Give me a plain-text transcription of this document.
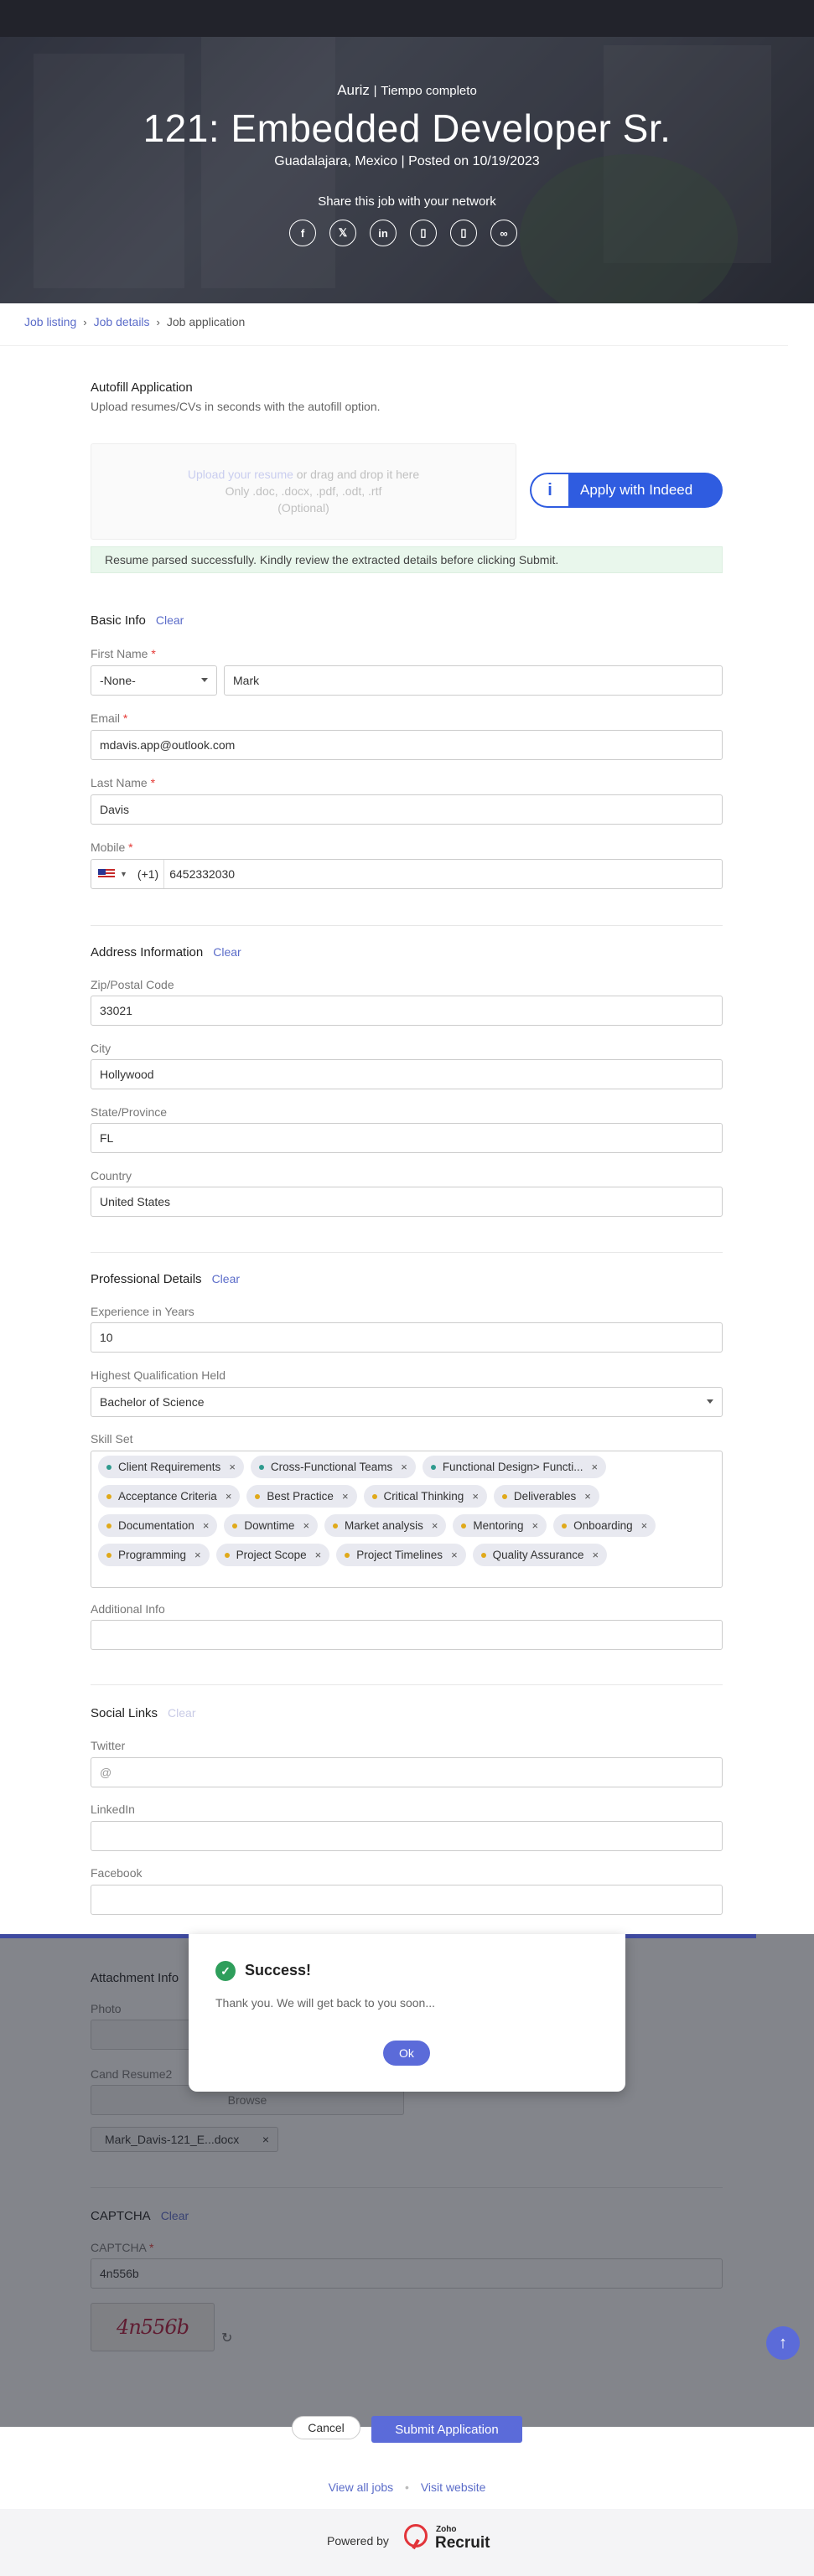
Auriz | Tiempo completo
121: Embedded Developer Sr.
Guadalajara, Mexico | Posted on 10/19/2023
Share this job with your network
f	𝕏	in	▯	▯	∞
Job listing › Job details › Job application
Autofill Application
Upload resumes/CVs in seconds with the autofill option.
Upload your resume or drag and drop it here
Only .doc, .docx, .pdf, .odt, .rtf
(Optional)
i	Apply with Indeed
Resume parsed successfully. Kindly review the extracted details before clicking Submit.
Basic Info Clear
First Name *
-None-	Mark
Email *
mdavis.app@outlook.com
Last Name *
Davis
Mobile *
▼ (+1) 6452332030
Address Information Clear
Zip/Postal Code
33021
City
Hollywood
State/Province
FL
Country
United States
Professional Details Clear
Experience in Years
10
Highest Qualification Held
Bachelor of Science
Skill Set
Client Requirements ×	Cross-Functional Teams ×	Functional Design> Functi... ×
Acceptance Criteria ×	Best Practice ×	Critical Thinking ×	Deliverables ×
Documentation ×	Downtime ×	Market analysis ×	Mentoring ×	Onboarding ×
Programming ×	Project Scope ×	Project Timelines ×	Quality Assurance ×
Additional Info
Social Links Clear
Twitter
@
LinkedIn
Facebook
✓ Success!
Thank you. We will get back to you soon...
Ok
↑
Cancel	Submit Application
View all jobs • Visit website
Powered by
Zoho
Recruit
